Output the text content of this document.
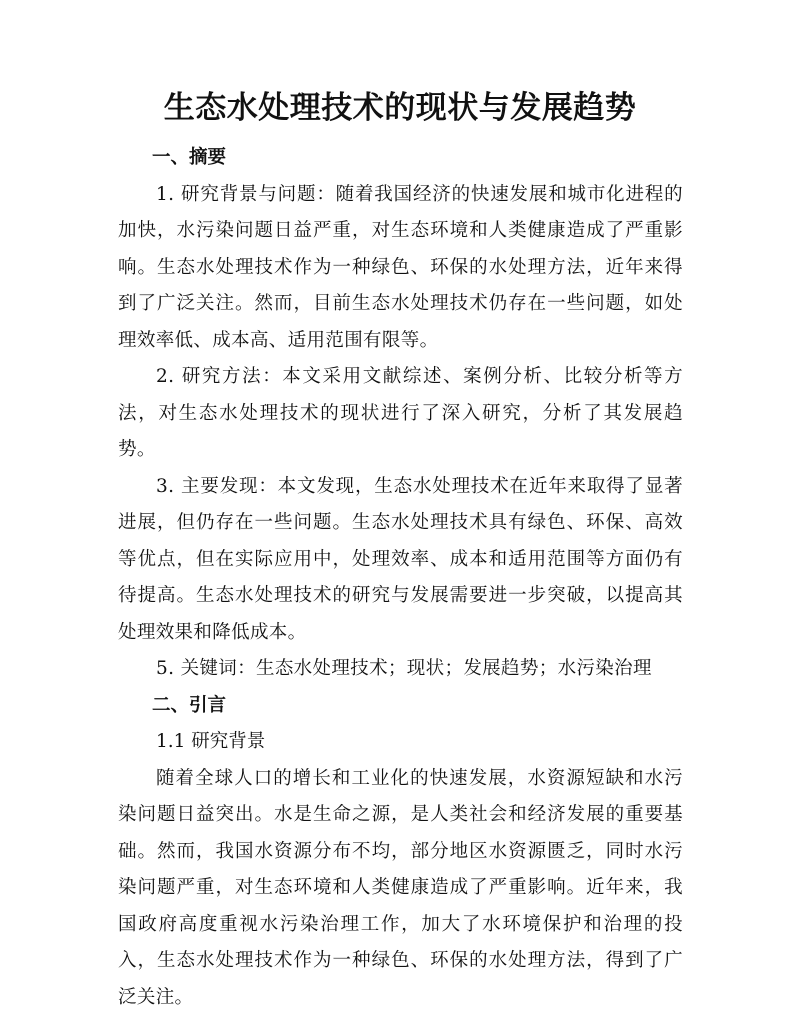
生态水处理技术的现状与发展趋势
一、摘要

1. 研究背景与问题：随着我国经济的快速发展和城市化进程的加快，水污染问题日益严重，对生态环境和人类健康造成了严重影响。生态水处理技术作为一种绿色、环保的水处理方法，近年来得到了广泛关注。然而，目前生态水处理技术仍存在一些问题，如处理效率低、成本高、适用范围有限等。

2. 研究方法：本文采用文献综述、案例分析、比较分析等方法，对生态水处理技术的现状进行了深入研究，分析了其发展趋势。

3. 主要发现：本文发现，生态水处理技术在近年来取得了显著进展，但仍存在一些问题。生态水处理技术具有绿色、环保、高效等优点，但在实际应用中，处理效率、成本和适用范围等方面仍有待提高。生态水处理技术的研究与发展需要进一步突破，以提高其处理效果和降低成本。

5. 关键词：生态水处理技术；现状；发展趋势；水污染治理

二、引言
1.1 研究背景

随着全球人口的增长和工业化的快速发展，水资源短缺和水污染问题日益突出。水是生命之源，是人类社会和经济发展的重要基础。然而，我国水资源分布不均，部分地区水资源匮乏，同时水污染问题严重，对生态环境和人类健康造成了严重影响。近年来，我国政府高度重视水污染治理工作，加大了水环境保护和治理的投入，生态水处理技术作为一种绿色、环保的水处理方法，得到了广泛关注。
